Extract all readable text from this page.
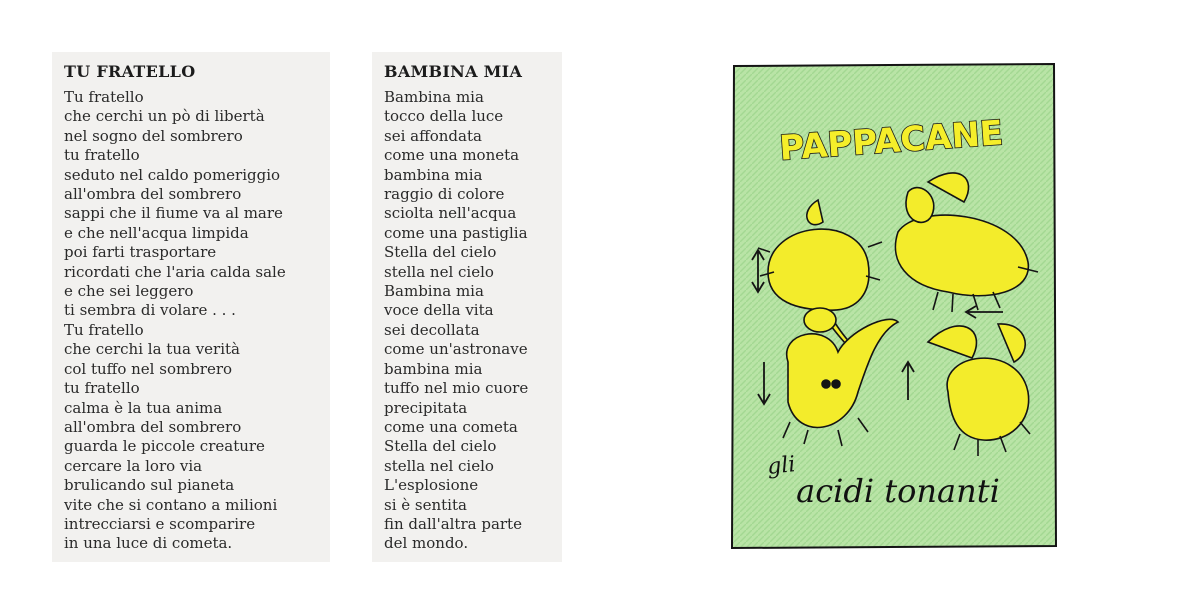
TU FRATELLO
Tu fratello
che cerchi un pò di libertà
nel sogno del sombrero
tu fratello
seduto nel caldo pomeriggio
all'ombra del sombrero
sappi che il fiume va al mare
e che nell'acqua limpida
poi farti trasportare
ricordati che l'aria calda sale
e che sei leggero
ti sembra di volare . . .
Tu fratello
che cerchi la tua verità
col tuffo nel sombrero
tu fratello
calma è la tua anima
all'ombra del sombrero
guarda le piccole creature
cercare la loro via
brulicando sul pianeta
vite che si contano a milioni
intrecciarsi e scomparire
in una luce di cometa.
BAMBINA MIA
Bambina mia
tocco della luce
sei affondata
come una moneta
bambina mia
raggio di colore
sciolta nell'acqua
come una pastiglia
Stella del cielo
stella nel cielo
Bambina mia
voce della vita
sei decollata
come un'astronave
bambina mia
tuffo nel mio cuore
precipitata
come una cometa
Stella del cielo
stella nel cielo
L'esplosione
si è sentita
fin dall'altra parte
del mondo.
PAPPACANE
gli
acidi tonanti
